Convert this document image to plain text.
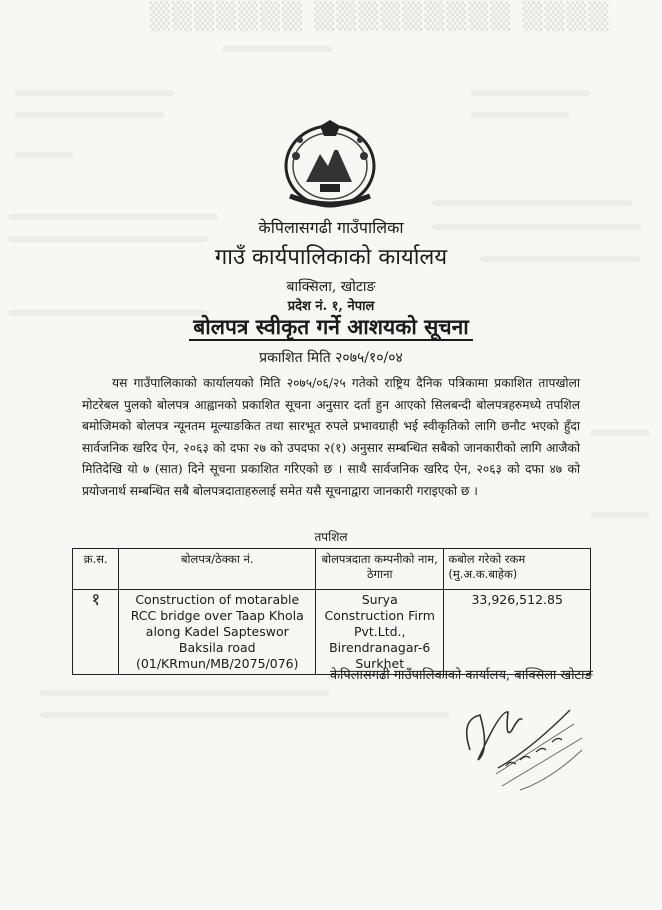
▒▒▒▒▒▒▒ ▒▒▒▒▒▒▒▒▒ ▒▒▒▒
केपिलासगढी गाउँपालिका
गाउँ कार्यपालिकाको कार्यालय
बाक्सिला, खोटाङ
प्रदेश नं. १, नेपाल
बोलपत्र स्वीकृत गर्ने आशयको सूचना
प्रकाशित मिति २०७५/१०/०४
यस गाउँपालिकाको कार्यालयको मिति २०७५/०६/२५ गतेको राष्ट्रिय दैनिक पत्रिकामा प्रकाशित तापखोला मोटरेबल पुलको बोलपत्र आह्वानको प्रकाशित सूचना अनुसार दर्ता हुन आएको सिलबन्दी बोलपत्रहरुमध्ये तपशिल बमोजिमको बोलपत्र न्यूनतम मूल्याङकित तथा सारभूत रुपले प्रभावग्राही भई स्वीकृतिको लागि छनौट भएको हुँदा सार्वजनिक खरिद ऐन, २०६३ को दफा २७ को उपदफा २(१) अनुसार सम्बन्धित सबैको जानकारीको लागि आजैको मितिदेखि यो ७ (सात) दिने सूचना प्रकाशित गरिएको छ । साथै सार्वजनिक खरिद ऐन, २०६३ को दफा ४७ को प्रयोजनार्थ सम्बन्धित सबै बोलपत्रदाताहरुलाई समेत यसै सूचनाद्वारा जानकारी गराइएको छ ।
तपशिल
क्र.स.	बोलपत्र/ठेक्का नं.	बोलपत्रदाता कम्पनीको नाम, ठेगाना	कबोल गरेको रकम (मु.अ.क.बाहेक)
१	Construction of motarable RCC bridge over Taap Khola along Kadel Sapteswor Baksila road (01/KRmun/MB/2075/076)	Surya Construction Firm Pvt.Ltd., Birendranagar-6 Surkhet	33,926,512.85
केपिलासगढी गाउँपालिकाको कार्यालय, बाक्सिला खोटाङ
